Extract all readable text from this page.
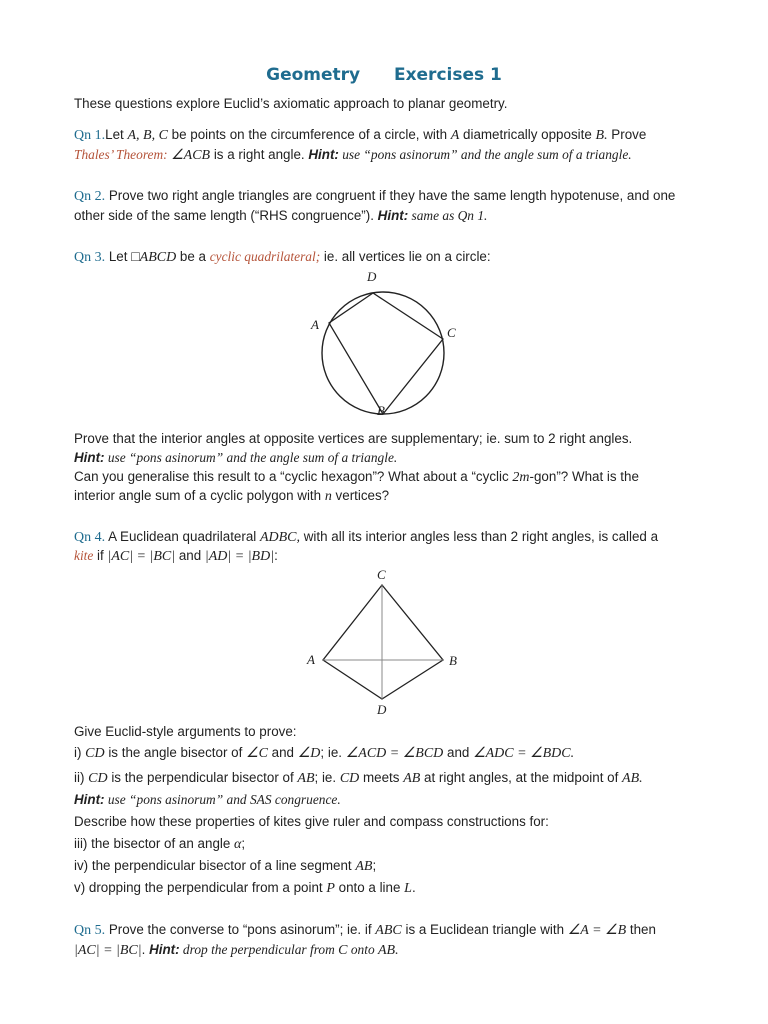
Geometry Exercises 1
These questions explore Euclid’s axiomatic approach to planar geometry.
Qn 1.Let A, B, C be points on the circumference of a circle, with A diametrically opposite B. Prove
Thales’ Theorem: ∠ACB is a right angle. Hint: use “pons asinorum” and the angle sum of a triangle.
Qn 2. Prove two right angle triangles are congruent if they have the same length hypotenuse, and one
other side of the same length (“RHS congruence”). Hint: same as Qn 1.
Qn 3. Let □ABCD be a cyclic quadrilateral; ie. all vertices lie on a circle:
D
A
C
B
Prove that the interior angles at opposite vertices are supplementary; ie. sum to 2 right angles.
Hint: use “pons asinorum” and the angle sum of a triangle.
Can you generalise this result to a “cyclic hexagon”? What about a “cyclic 2m-gon”? What is the
interior angle sum of a cyclic polygon with n vertices?
Qn 4. A Euclidean quadrilateral ADBC, with all its interior angles less than 2 right angles, is called a
kite if |AC| = |BC| and |AD| = |BD|:
C
A	B
D
Give Euclid-style arguments to prove:
i) CD is the angle bisector of ∠C and ∠D; ie. ∠ACD = ∠BCD and ∠ADC = ∠BDC.
ii) CD is the perpendicular bisector of AB; ie. CD meets AB at right angles, at the midpoint of AB.
Hint: use “pons asinorum” and SAS congruence.
Describe how these properties of kites give ruler and compass constructions for:
iii) the bisector of an angle α;
iv) the perpendicular bisector of a line segment AB;
v) dropping the perpendicular from a point P onto a line L.
Qn 5. Prove the converse to “pons asinorum”; ie. if ABC is a Euclidean triangle with ∠A = ∠B then
|AC| = |BC|. Hint: drop the perpendicular from C onto AB.
